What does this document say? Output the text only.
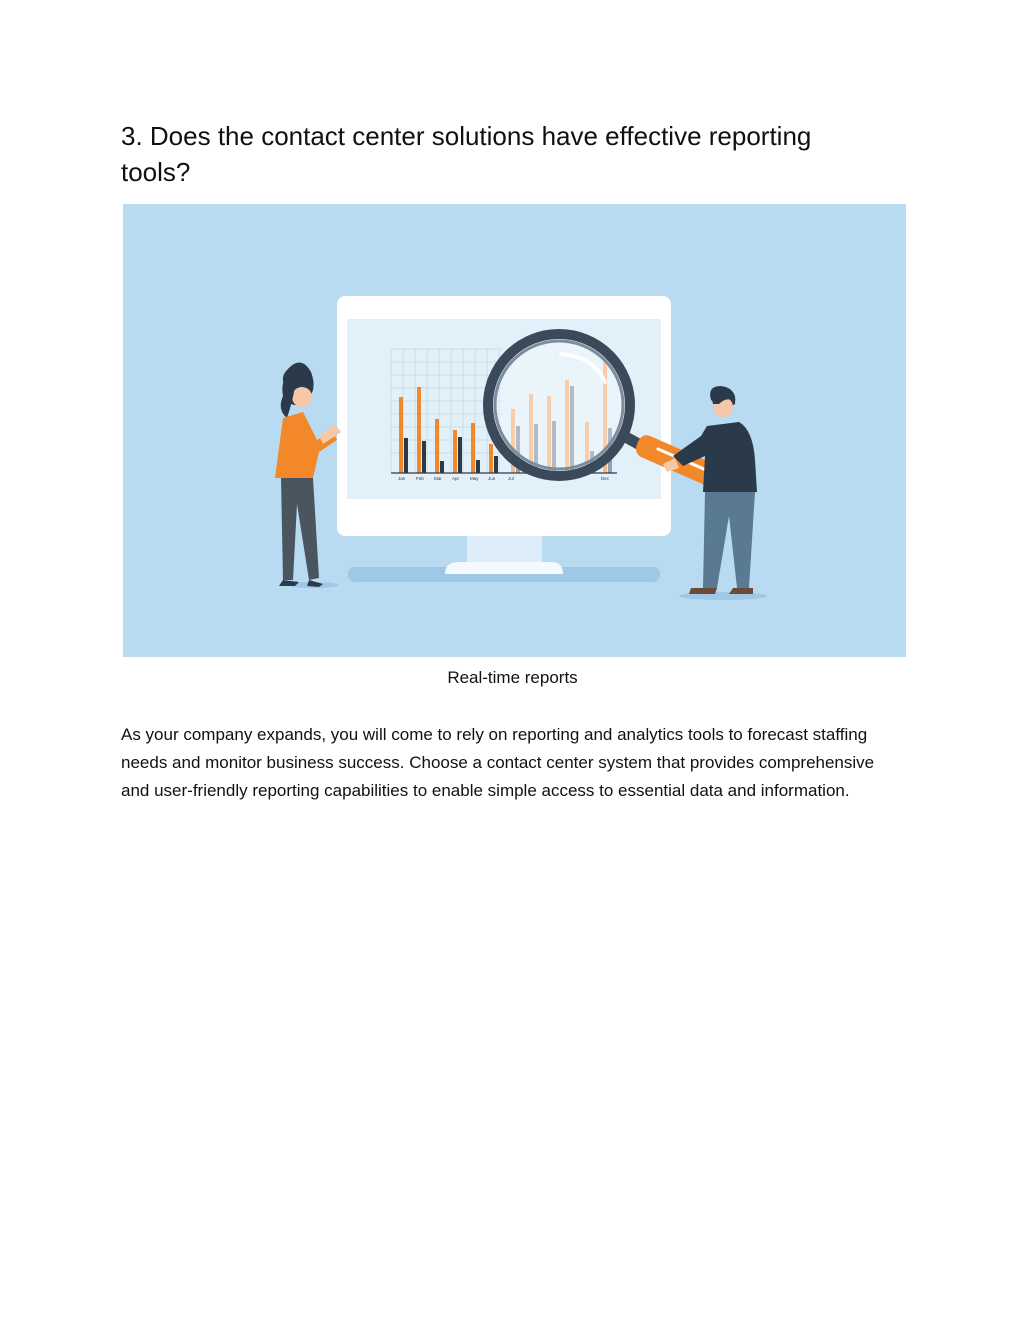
3. Does the contact center solutions have effective reporting tools?
Jan Feb Mar Apr May Jun	Jul	Dec

Real-time reports

As your company expands, you will come to rely on reporting and analytics tools to forecast staffing needs and monitor business success. Choose a contact center system that provides comprehensive and user-friendly reporting capabilities to enable simple access to essential data and information.
